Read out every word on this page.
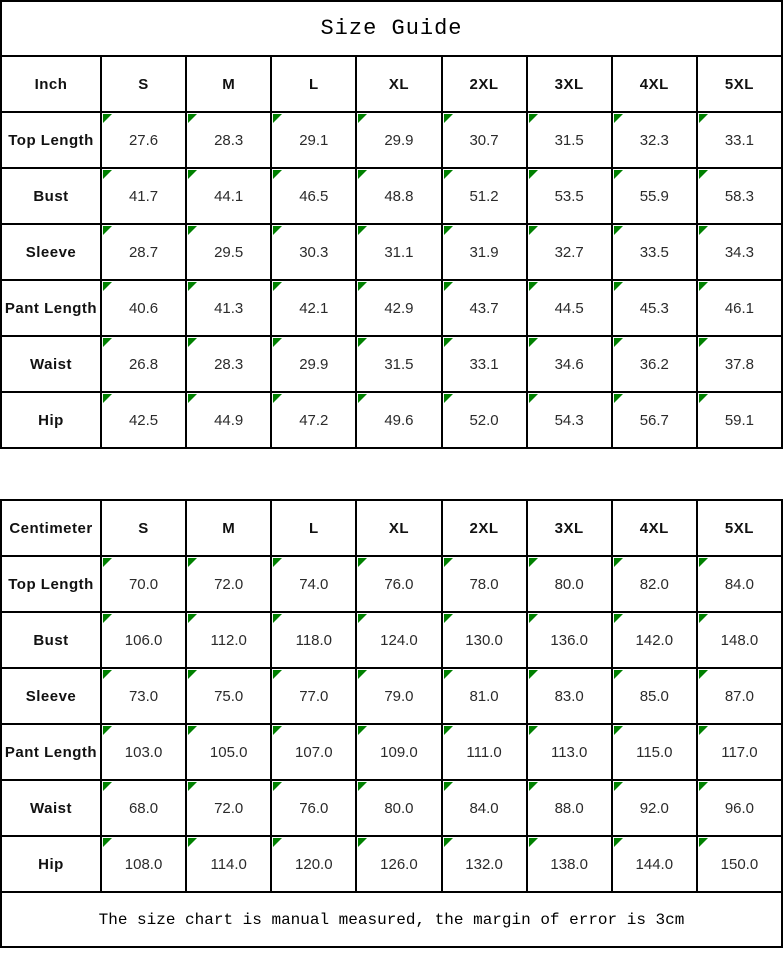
Size Guide
Inch	S	M	L	XL	2XL	3XL	4XL	5XL
Top Length	27.6	28.3	29.1	29.9	30.7	31.5	32.3	33.1
Bust	41.7	44.1	46.5	48.8	51.2	53.5	55.9	58.3
Sleeve	28.7	29.5	30.3	31.1	31.9	32.7	33.5	34.3
Pant Length	40.6	41.3	42.1	42.9	43.7	44.5	45.3	46.1
Waist	26.8	28.3	29.9	31.5	33.1	34.6	36.2	37.8
Hip	42.5	44.9	47.2	49.6	52.0	54.3	56.7	59.1
Centimeter	S	M	L	XL	2XL	3XL	4XL	5XL
Top Length	70.0	72.0	74.0	76.0	78.0	80.0	82.0	84.0
Bust	106.0	112.0	118.0	124.0	130.0	136.0	142.0	148.0
Sleeve	73.0	75.0	77.0	79.0	81.0	83.0	85.0	87.0
Pant Length	103.0	105.0	107.0	109.0	111.0	113.0	115.0	117.0
Waist	68.0	72.0	76.0	80.0	84.0	88.0	92.0	96.0
Hip	108.0	114.0	120.0	126.0	132.0	138.0	144.0	150.0
The size chart is manual measured, the margin of error is 3cm
